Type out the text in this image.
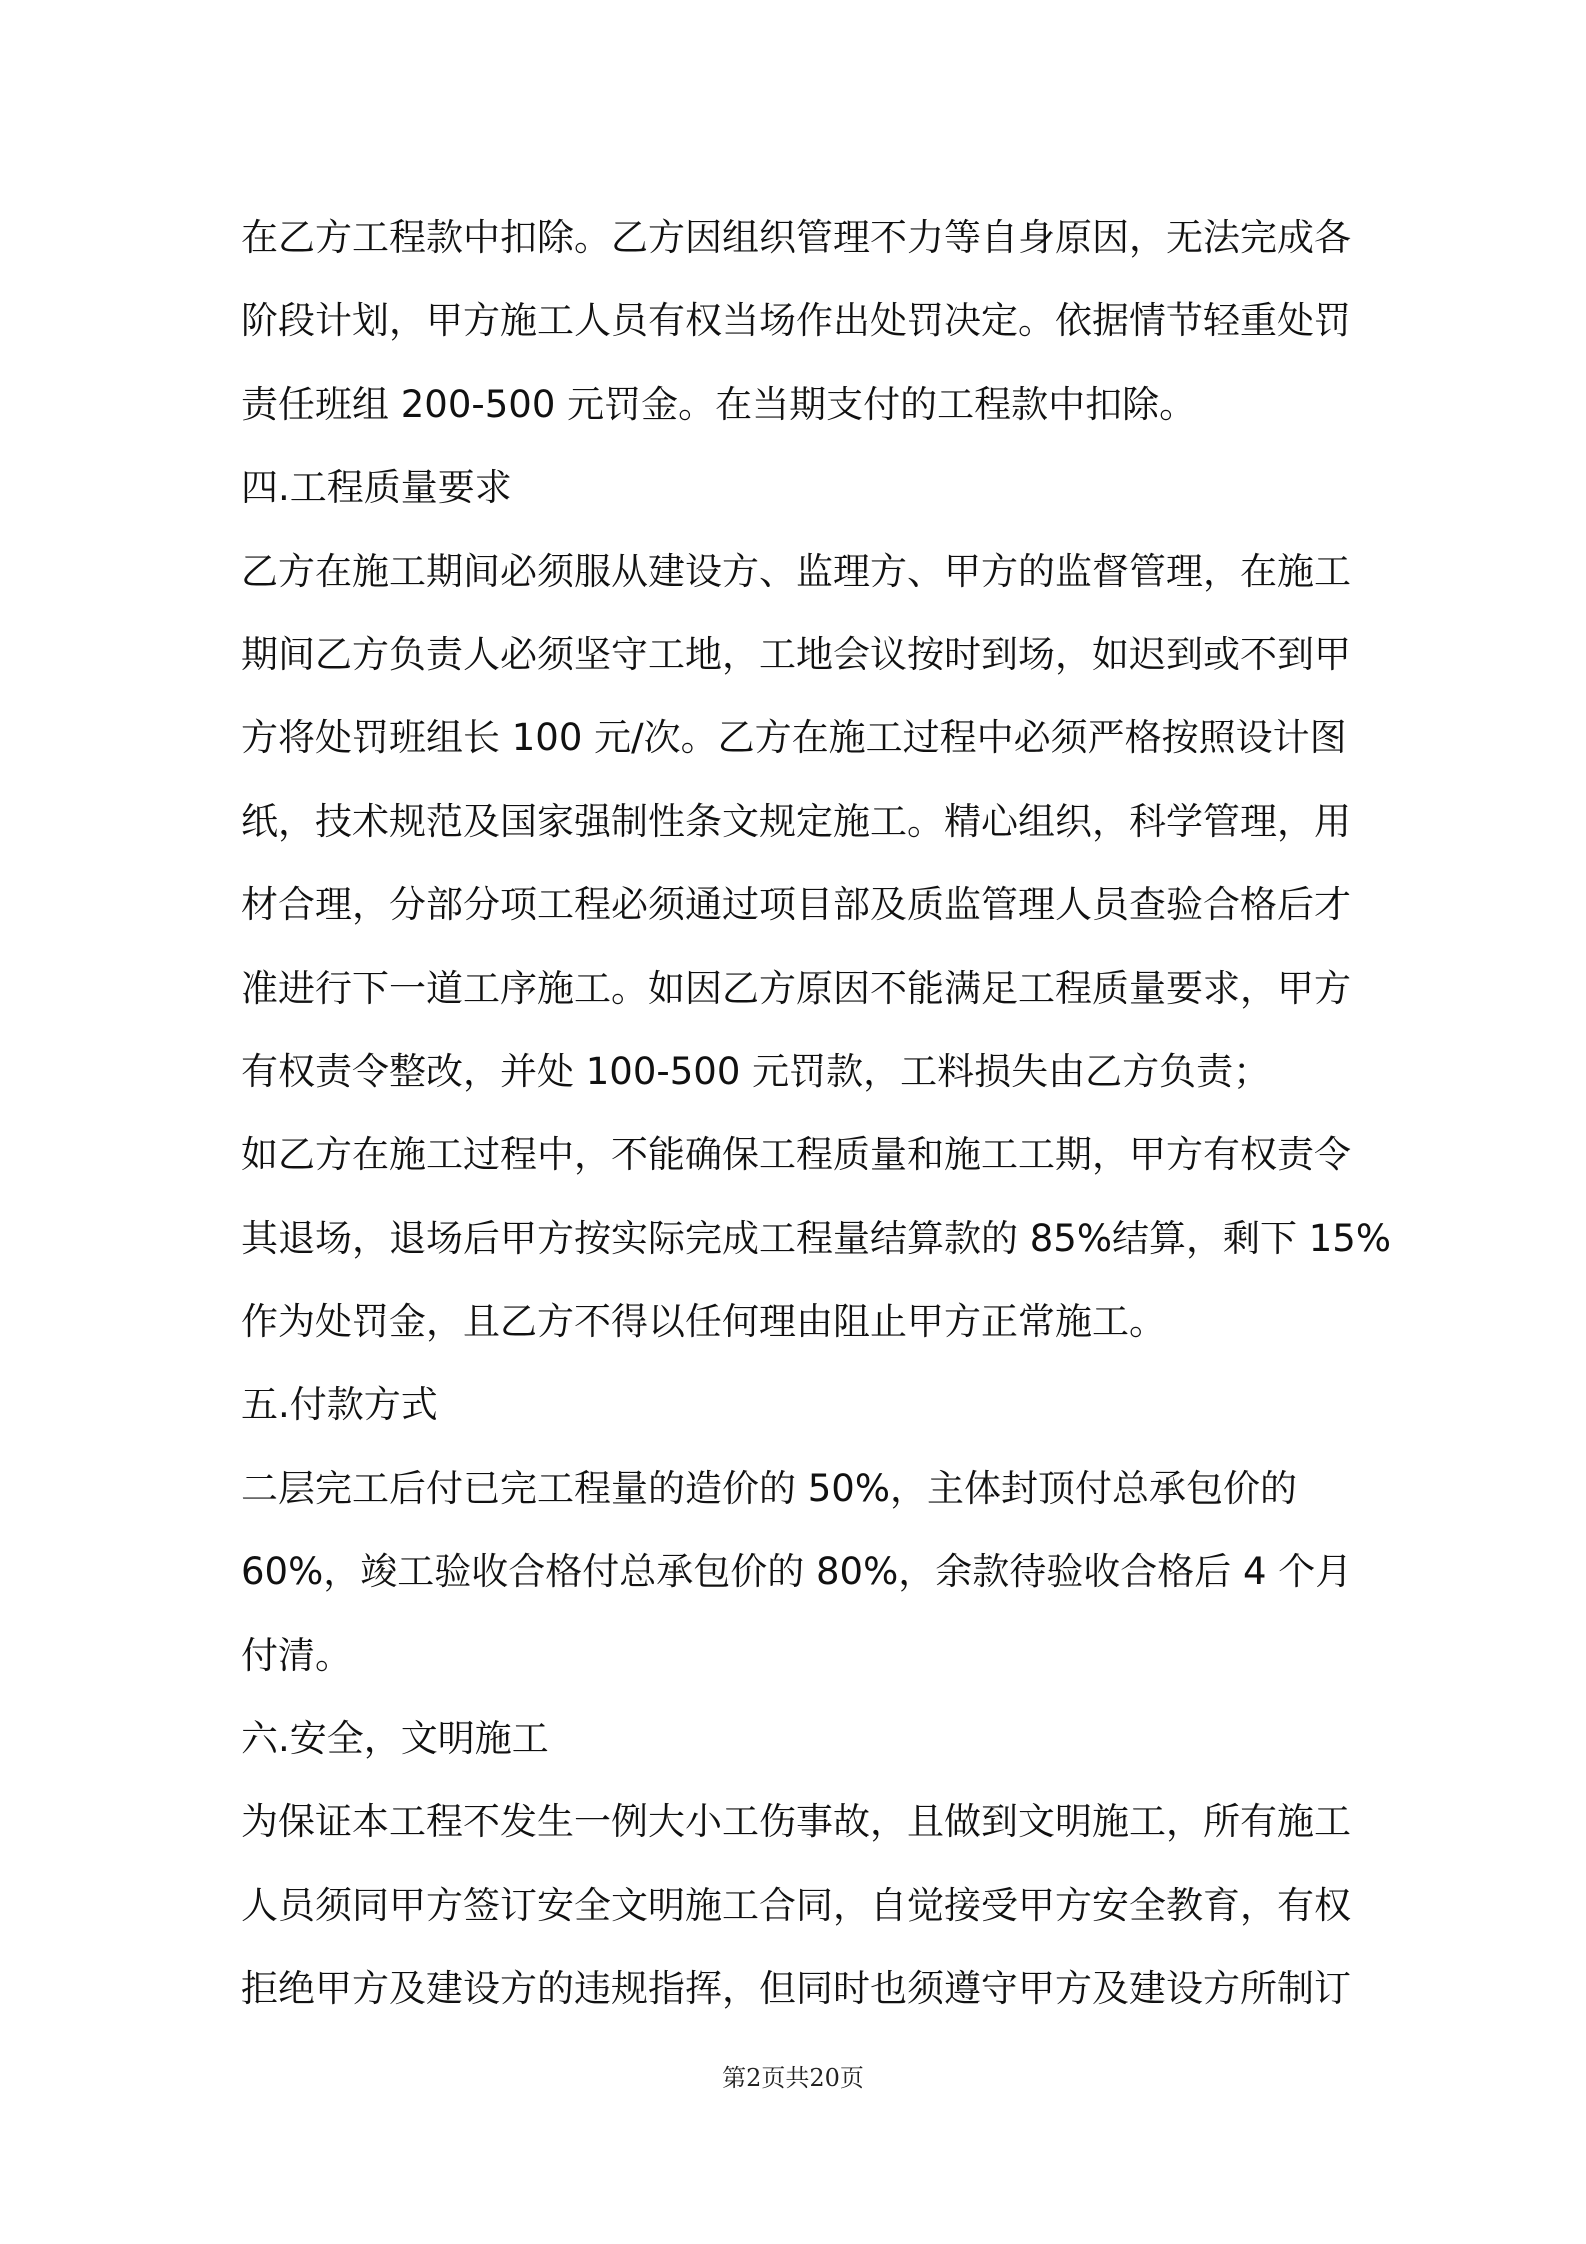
在乙方工程款中扣除。乙方因组织管理不力等自身原因，无法完成各
阶段计划，甲方施工人员有权当场作出处罚决定。依据情节轻重处罚
责任班组 200-500 元罚金。在当期支付的工程款中扣除。
四.工程质量要求
乙方在施工期间必须服从建设方、监理方、甲方的监督管理，在施工
期间乙方负责人必须坚守工地，工地会议按时到场，如迟到或不到甲
方将处罚班组长 100 元/次。乙方在施工过程中必须严格按照设计图
纸，技术规范及国家强制性条文规定施工。精心组织，科学管理，用
材合理，分部分项工程必须通过项目部及质监管理人员查验合格后才
准进行下一道工序施工。如因乙方原因不能满足工程质量要求，甲方
有权责令整改，并处 100-500 元罚款，工料损失由乙方负责；
如乙方在施工过程中，不能确保工程质量和施工工期，甲方有权责令
其退场，退场后甲方按实际完成工程量结算款的 85%结算，剩下 15%
作为处罚金，且乙方不得以任何理由阻止甲方正常施工。
五.付款方式
二层完工后付已完工程量的造价的 50%，主体封顶付总承包价的
60%，竣工验收合格付总承包价的 80%，余款待验收合格后 4 个月
付清。
六.安全，文明施工
为保证本工程不发生一例大小工伤事故，且做到文明施工，所有施工
人员须同甲方签订安全文明施工合同，自觉接受甲方安全教育，有权
拒绝甲方及建设方的违规指挥，但同时也须遵守甲方及建设方所制订
第2页共20页
